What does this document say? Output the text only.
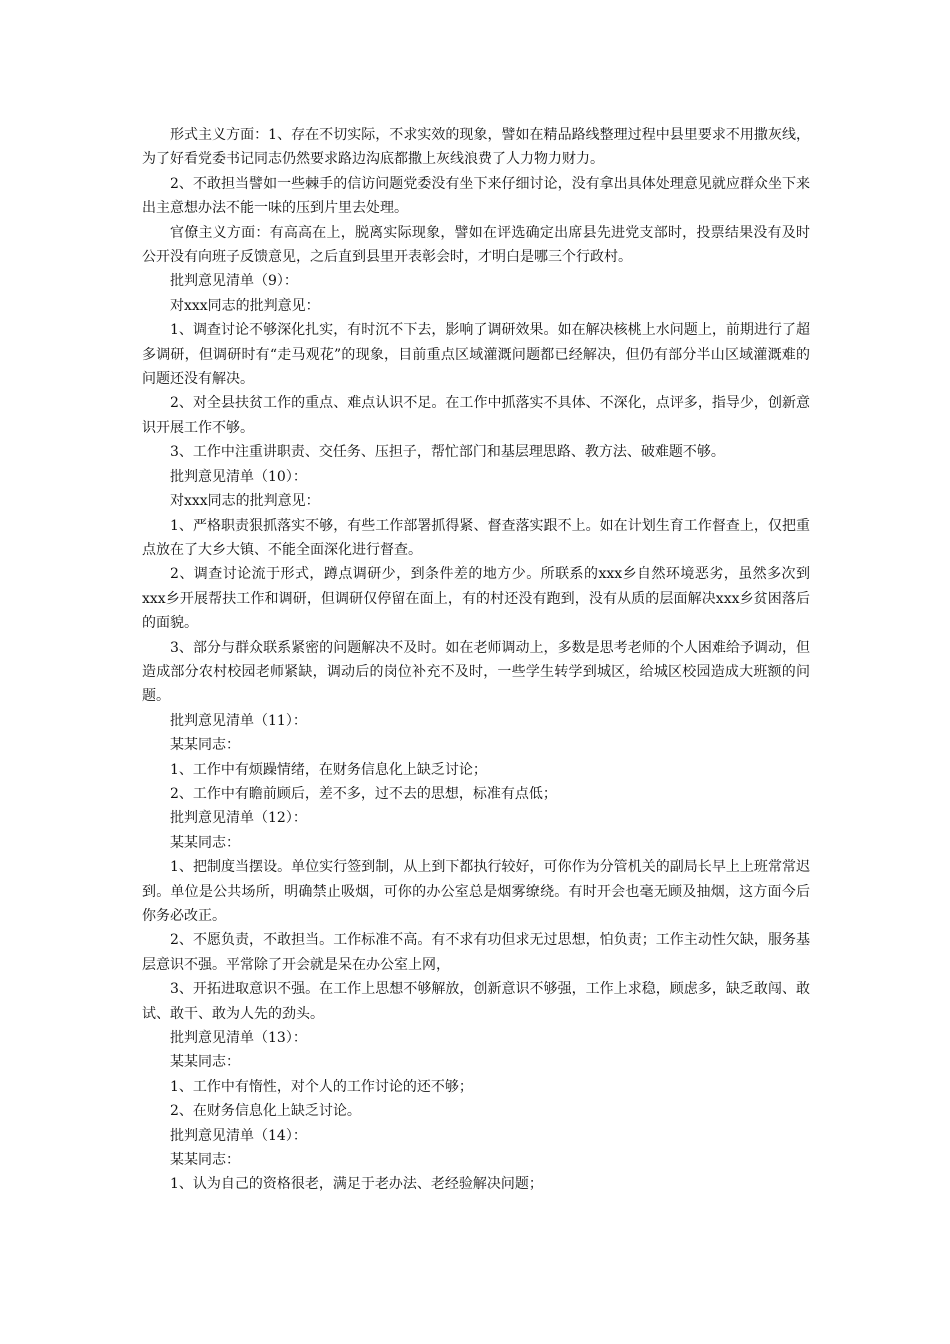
形式主义方面：1、存在不切实际，不求实效的现象，譬如在精品路线整理过程中县里要求不用撒灰线，为了好看党委书记同志仍然要求路边沟底都撒上灰线浪费了人力物力财力。

2、不敢担当譬如一些棘手的信访问题党委没有坐下来仔细讨论，没有拿出具体处理意见就应群众坐下来出主意想办法不能一味的压到片里去处理。

官僚主义方面：有高高在上，脱离实际现象，譬如在评选确定出席县先进党支部时，投票结果没有及时公开没有向班子反馈意见，之后直到县里开表彰会时，才明白是哪三个行政村。

批判意见清单（9）：

对xxx同志的批判意见：

1、调查讨论不够深化扎实，有时沉不下去，影响了调研效果。如在解决核桃上水问题上，前期进行了超多调研，但调研时有“走马观花”的现象，目前重点区域灌溉问题都已经解决，但仍有部分半山区域灌溉难的问题还没有解决。

2、对全县扶贫工作的重点、难点认识不足。在工作中抓落实不具体、不深化，点评多，指导少，创新意识开展工作不够。

3、工作中注重讲职责、交任务、压担子，帮忙部门和基层理思路、教方法、破难题不够。

批判意见清单（10）：

对xxx同志的批判意见：

1、严格职责狠抓落实不够，有些工作部署抓得紧、督查落实跟不上。如在计划生育工作督查上，仅把重点放在了大乡大镇、不能全面深化进行督查。

2、调查讨论流于形式，蹲点调研少，到条件差的地方少。所联系的xxx乡自然环境恶劣，虽然多次到xxx乡开展帮扶工作和调研，但调研仅停留在面上，有的村还没有跑到，没有从质的层面解决xxx乡贫困落后的面貌。

3、部分与群众联系紧密的问题解决不及时。如在老师调动上，多数是思考老师的个人困难给予调动，但造成部分农村校园老师紧缺，调动后的岗位补充不及时，一些学生转学到城区，给城区校园造成大班额的问题。

批判意见清单（11）：

某某同志：

1、工作中有烦躁情绪，在财务信息化上缺乏讨论；

2、工作中有瞻前顾后，差不多，过不去的思想，标准有点低；

批判意见清单（12）：

某某同志：

1、把制度当摆设。单位实行签到制，从上到下都执行较好，可你作为分管机关的副局长早上上班常常迟到。单位是公共场所，明确禁止吸烟，可你的办公室总是烟雾缭绕。有时开会也毫无顾及抽烟，这方面今后你务必改正。

2、不愿负责，不敢担当。工作标准不高。有不求有功但求无过思想，怕负责；工作主动性欠缺，服务基层意识不强。平常除了开会就是呆在办公室上网，

3、开拓进取意识不强。在工作上思想不够解放，创新意识不够强，工作上求稳，顾虑多，缺乏敢闯、敢试、敢干、敢为人先的劲头。

批判意见清单（13）：

某某同志：

1、工作中有惰性，对个人的工作讨论的还不够；

2、在财务信息化上缺乏讨论。

批判意见清单（14）：

某某同志：

1、认为自己的资格很老，满足于老办法、老经验解决问题；
